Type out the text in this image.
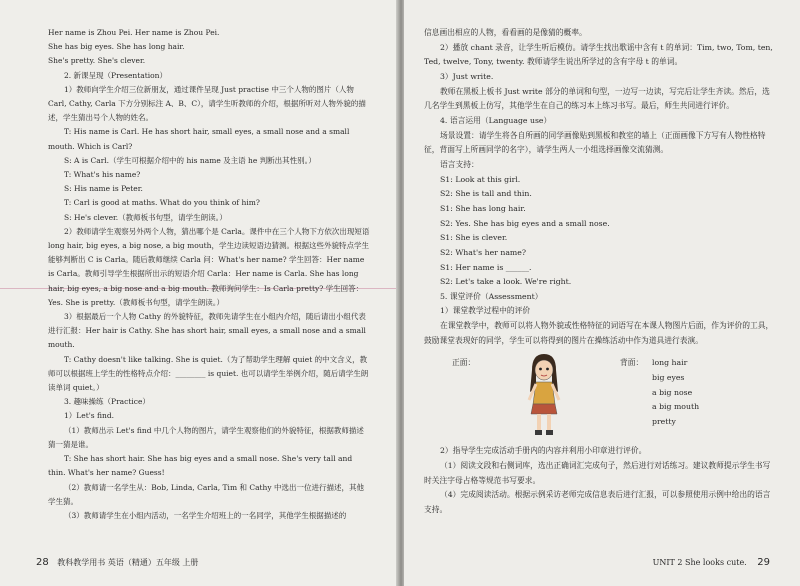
Her name is Zhou Pei. Her name is Zhou Pei.

She has big eyes. She has long hair.

She's pretty. She's clever.

2. 新课呈现（Presentation）

1）教师向学生介绍三位新朋友，通过课件呈现 Just practise 中三个人物的图片（人物 Carl, Cathy, Carla 下方分别标注 A、B、C），请学生听教师的介绍，根据所听对人物外貌的描述，学生猜出号个人物的姓名。

T: His name is Carl. He has short hair, small eyes, a small nose and a small mouth. Which is Carl?

S: A is Carl.（学生可根据介绍中的 his name 及主语 he 判断出其性别。）

T: What's his name?

S: His name is Peter.

T: Carl is good at maths. What do you think of him?

S: He's clever.（教师板书句型，请学生朗读。）

2）教师请学生观察另外两个人物，猜出哪个是 Carla。课件中在三个人物下方依次出现短语 long hair, big eyes, a big nose, a big mouth，学生边读短语边猜测。根据这些外貌特点学生能够判断出 C is Carla。随后教师继续 Carla 问：What's her name? 学生回答：Her name is Carla。教师引导学生根据所出示的短语介绍 Carla：Her name is Carla. She has long hair, big eyes, a big nose and a big mouth. 教师询问学生：Is Carla pretty? 学生回答：Yes. She is pretty.（教师板书句型，请学生朗读。）

3）根据最后一个人物 Cathy 的外貌特征，教师先请学生在小组内介绍，随后请出小组代表进行汇报：Her hair is Cathy. She has short hair, small eyes, a small nose and a small mouth.

T: Cathy doesn't like talking. She is quiet.（为了帮助学生理解 quiet 的中文含义，教师可以根据班上学生的性格特点介绍：________ is quiet. 也可以请学生举例介绍，随后请学生朗读单词 quiet。）

3. 趣味操练（Practice）

1）Let's find.

（1）教师出示 Let's find 中几个人物的图片，请学生观察他们的外貌特征，根据教师描述猜一猜是谁。

T: She has short hair. She has big eyes and a small nose. She's very tall and thin. What's her name? Guess!

（2）教师请一名学生从：Bob, Linda, Carla, Tim 和 Cathy 中选出一位进行描述，其他学生猜。

（3）教师请学生在小组内活动，一名学生介绍班上的一名同学，其他学生根据描述的

28 教科教学用书 英语（精通）五年级 上册

信息画出相应的人物，看看画的是像猜的概率。

2）播放 chant 录音，让学生听后模仿。请学生找出歌谣中含有 t 的单词：Tim, two, Tom, ten, Ted, twelve, Tony, twenty. 教师请学生说出所学过的含有字母 t 的单词。

3）Just write.

教师在黑板上板书 Just write 部分的单词和句型，一边写一边读，写完后让学生齐读。然后，选几名学生到黑板上仿写，其他学生在自己的练习本上练习书写。最后，师生共同进行评价。

4. 语言运用（Language use）

场景设置：请学生将各自所画的同学画像贴到黑板和教室的墙上（正面画像下方写有人物性格特征，背面写上所画同学的名字），请学生两人一小组选择画像交流猜测。

语言支持：

S1: Look at this girl.

S2: She is tall and thin.

S1: She has long hair.

S2: Yes. She has big eyes and a small nose.

S1: She is clever.

S2: What's her name?

S1: Her name is ______.

S2: Let's take a look. We're right.

5. 课堂评价（Assessment）

1）课堂教学过程中的评价

在课堂教学中，教师可以将人物外貌或性格特征的词语写在本课人物图片后面，作为评价的工具，鼓励课堂表现好的同学，学生可以将得到的图片在操练活动中作为道具进行表演。

正面：	背面： long hair
big eyes
a big nose
a big mouth
pretty

2）指导学生完成活动手册内的内容并利用小印章进行评价。

（1）阅读文段和右侧词库，选出正确词汇完成句子，然后进行对话练习。建议教师提示学生书写时关注字母占格等规范书写要求。

（4）完成阅读活动。根据示例采访老师完成信息表后进行汇报，可以参照使用示例中给出的语言支持。

UNIT 2 She looks cute. 29
